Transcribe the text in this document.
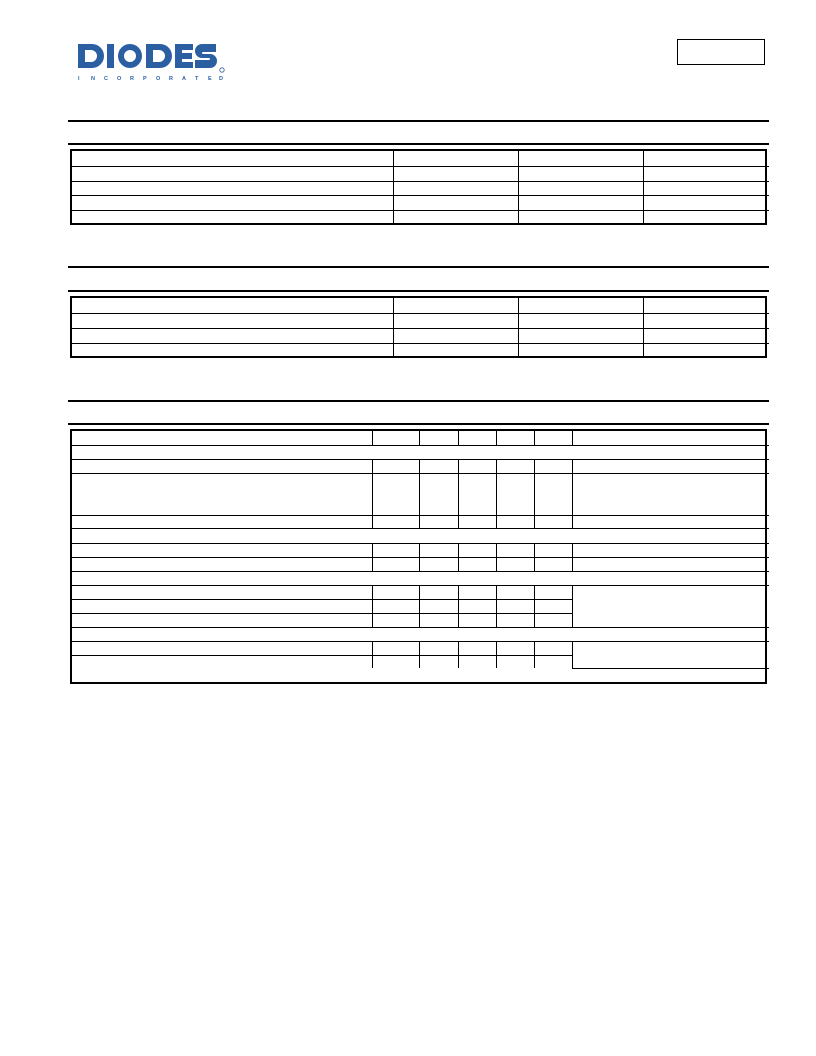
I N C O R P O R A T E D
